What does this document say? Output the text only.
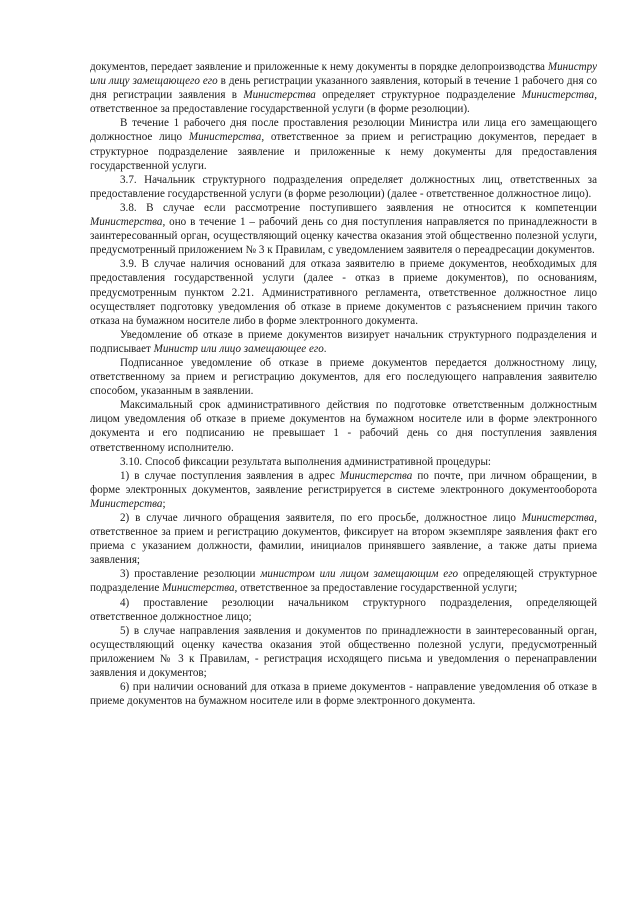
документов, передает заявление и приложенные к нему документы в порядке делопроизводства Министру или лицу замещающего его в день регистрации указанного заявления, который в течение 1 рабочего дня со дня регистрации заявления в Министерства определяет структурное подразделение Министерства, ответственное за предоставление государственной услуги (в форме резолюции).

В течение 1 рабочего дня после проставления резолюции Министра или лица его замещающего должностное лицо Министерства, ответственное за прием и регистрацию документов, передает в структурное подразделение заявление и приложенные к нему документы для предоставления государственной услуги.

3.7. Начальник структурного подразделения определяет должностных лиц, ответственных за предоставление государственной услуги (в форме резолюции) (далее - ответственное должностное лицо).

3.8. В случае если рассмотрение поступившего заявления не относится к компетенции Министерства, оно в течение 1 – рабочий день со дня поступления направляется по принадлежности в заинтересованный орган, осуществляющий оценку качества оказания этой общественно полезной услуги, предусмотренный приложением № 3 к Правилам, с уведомлением заявителя о переадресации документов.

3.9. В случае наличия оснований для отказа заявителю в приеме документов, необходимых для предоставления государственной услуги (далее - отказ в приеме документов), по основаниям, предусмотренным пунктом 2.21. Административного регламента, ответственное должностное лицо осуществляет подготовку уведомления об отказе в приеме документов с разъяснением причин такого отказа на бумажном носителе либо в форме электронного документа.

Уведомление об отказе в приеме документов визирует начальник структурного подразделения и подписывает Министр или лицо замещающее его.

Подписанное уведомление об отказе в приеме документов передается должностному лицу, ответственному за прием и регистрацию документов, для его последующего направления заявителю способом, указанным в заявлении.

Максимальный срок административного действия по подготовке ответственным должностным лицом уведомления об отказе в приеме документов на бумажном носителе или в форме электронного документа и его подписанию не превышает 1 - рабочий день со дня поступления заявления ответственному исполнителю.

3.10. Способ фиксации результата выполнения административной процедуры:

1) в случае поступления заявления в адрес Министерства по почте, при личном обращении, в форме электронных документов, заявление регистрируется в системе электронного документооборота Министерства;

2) в случае личного обращения заявителя, по его просьбе, должностное лицо Министерства, ответственное за прием и регистрацию документов, фиксирует на втором экземпляре заявления факт его приема с указанием должности, фамилии, инициалов принявшего заявление, а также даты приема заявления;

3) проставление резолюции министром или лицом замещающим его определяющей структурное подразделение Министерства, ответственное за предоставление государственной услуги;

4) проставление резолюции начальником структурного подразделения, определяющей ответственное должностное лицо;

5) в случае направления заявления и документов по принадлежности в заинтересованный орган, осуществляющий оценку качества оказания этой общественно полезной услуги, предусмотренный приложением № 3 к Правилам, - регистрация исходящего письма и уведомления о перенаправлении заявления и документов;

6) при наличии оснований для отказа в приеме документов - направление уведомления об отказе в приеме документов на бумажном носителе или в форме электронного документа.
